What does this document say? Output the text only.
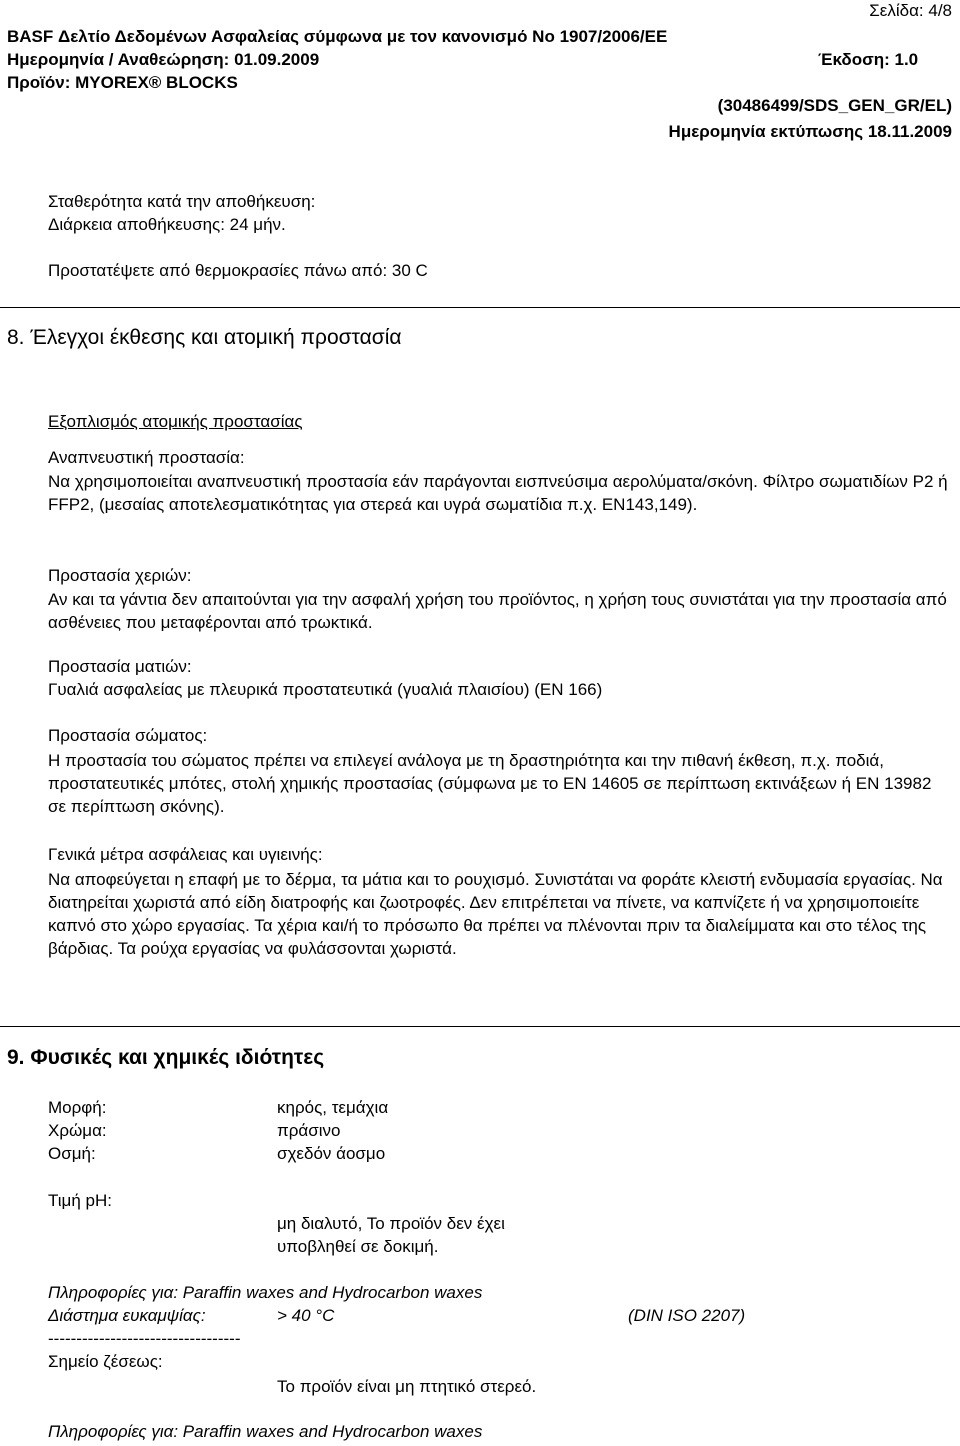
Σελίδα: 4/8
BASF Δελτίο Δεδομένων Ασφαλείας σύμφωνα με τον κανονισμό No 1907/2006/ΕΕ
Ημερομηνία / Αναθεώρηση: 01.09.2009	Έκδοση: 1.0
Προϊόν: MYOREX® BLOCKS
(30486499/SDS_GEN_GR/EL)
Ημερομηνία εκτύπωσης 18.11.2009
Σταθερότητα κατά την αποθήκευση:
Διάρκεια αποθήκευσης: 24 μήν.
Προστατέψετε από θερμοκρασίες πάνω από: 30 C
8. Έλεγχοι έκθεσης και ατομική προστασία
Εξοπλισμός ατομικής προστασίας
Αναπνευστική προστασία:
Να χρησιμοποιείται αναπνευστική προστασία εάν παράγονται εισπνεύσιμα αερολύματα/σκόνη. Φίλτρο σωματιδίων P2 ή FFP2, (μεσαίας αποτελεσματικότητας για στερεά και υγρά σωματίδια π.χ. EN143,149).
Προστασία χεριών:
Αν και τα γάντια δεν απαιτούνται για την ασφαλή χρήση του προϊόντος, η χρήση τους συνιστάται για την προστασία από ασθένειες που μεταφέρονται από τρωκτικά.
Προστασία ματιών:
Γυαλιά ασφαλείας με πλευρικά προστατευτικά (γυαλιά πλαισίου) (EN 166)
Προστασία σώματος:
Η προστασία του σώματος πρέπει να επιλεγεί ανάλογα με τη δραστηριότητα και την πιθανή έκθεση, π.χ. ποδιά, προστατευτικές μπότες, στολή χημικής προστασίας (σύμφωνα με το EN 14605 σε περίπτωση εκτινάξεων ή EN 13982 σε περίπτωση σκόνης).
Γενικά μέτρα ασφάλειας και υγιεινής:
Να αποφεύγεται η επαφή με το δέρμα, τα μάτια και το ρουχισμό. Συνιστάται να φοράτε κλειστή ενδυμασία εργασίας. Να διατηρείται χωριστά από είδη διατροφής και ζωοτροφές. Δεν επιτρέπεται να πίνετε, να καπνίζετε ή να χρησιμοποιείτε καπνό στο χώρο εργασίας. Τα χέρια και/ή το πρόσωπο θα πρέπει να πλένονται πριν τα διαλείμματα και στο τέλος της βάρδιας. Τα ρούχα εργασίας να φυλάσσονται χωριστά.
9. Φυσικές και χημικές ιδιότητες
Μορφή:	κηρός, τεμάχια
Χρώμα:	πράσινο
Οσμή:	σχεδόν άοσμο
Τιμή pH:
μη διαλυτό, Το προϊόν δεν έχει
υποβληθεί σε δοκιμή.
Πληροφορίες για: Paraffin waxes and Hydrocarbon waxes
Διάστημα ευκαμψίας:	> 40 °C	(DIN ISO 2207)
----------------------------------
Σημείο ζέσεως:
Το προϊόν είναι μη πτητικό στερεό.
Πληροφορίες για: Paraffin waxes and Hydrocarbon waxes
